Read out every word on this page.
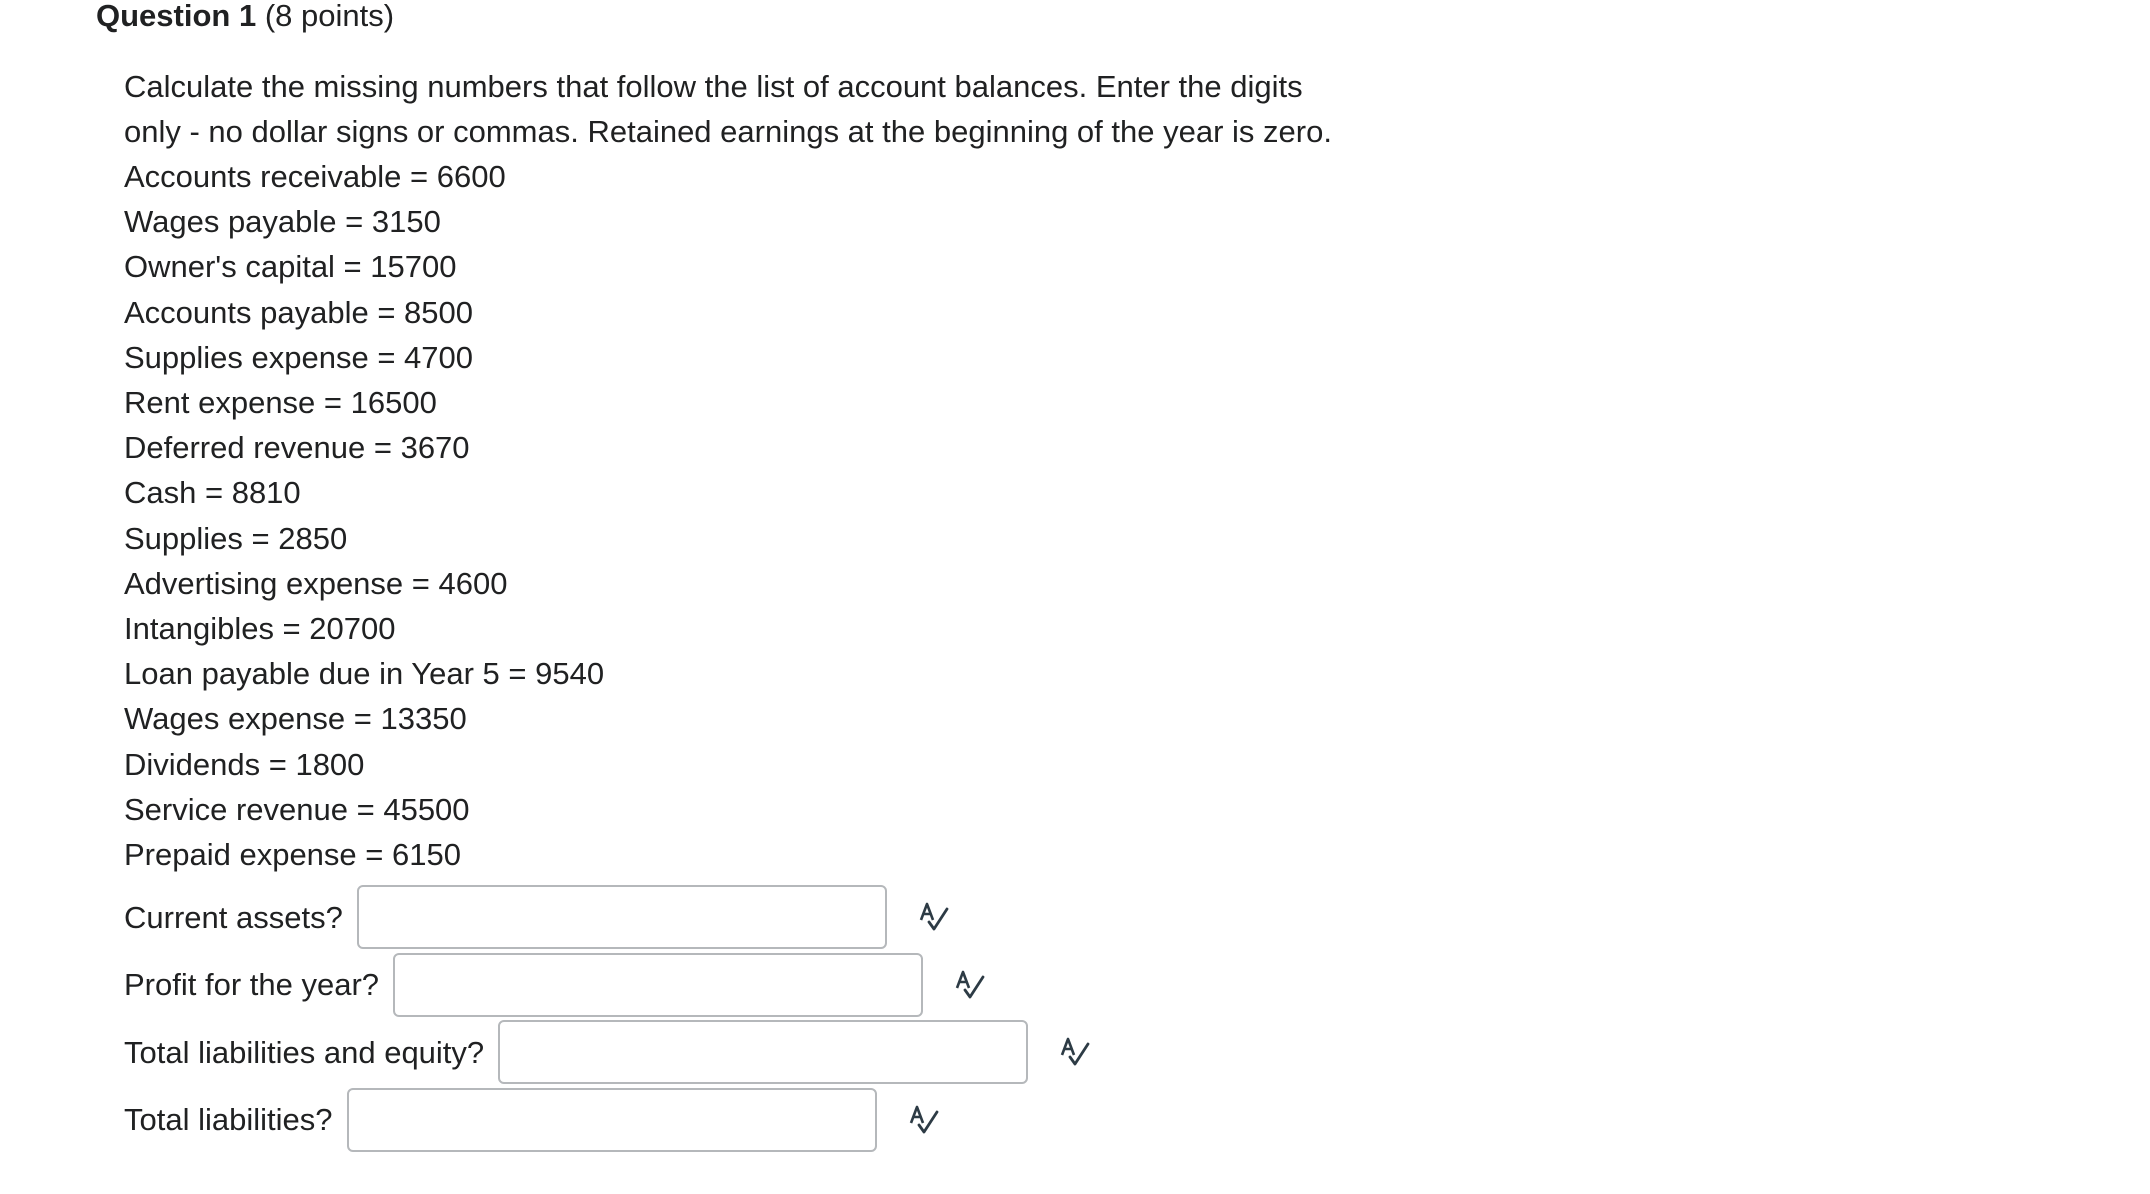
Question 1 (8 points)

Calculate the missing numbers that follow the list of account balances. Enter the digits only - no dollar signs or commas. Retained earnings at the beginning of the year is zero.

Accounts receivable = 6600
Wages payable = 3150
Owner's capital = 15700
Accounts payable = 8500
Supplies expense = 4700
Rent expense = 16500
Deferred revenue = 3670
Cash = 8810
Supplies = 2850
Advertising expense = 4600
Intangibles = 20700
Loan payable due in Year 5 = 9540
Wages expense = 13350
Dividends = 1800
Service revenue = 45500
Prepaid expense = 6150
Current assets?
Profit for the year?
Total liabilities and equity?
Total liabilities?
